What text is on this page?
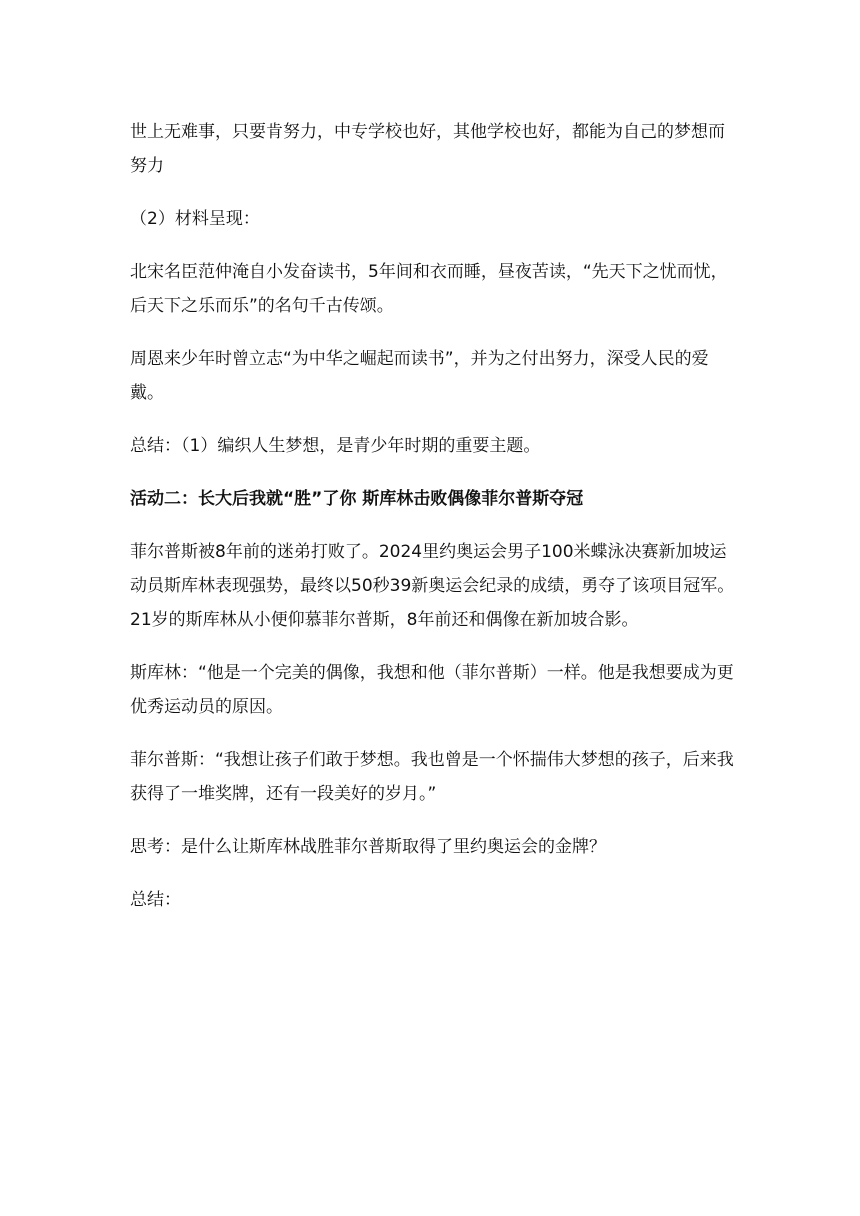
世上无难事，只要肯努力，中专学校也好，其他学校也好，都能为自己的梦想而努力

（2）材料呈现：

北宋名臣范仲淹自小发奋读书，5年间和衣而睡，昼夜苦读，“先天下之忧而忧，后天下之乐而乐”的名句千古传颂。

周恩来少年时曾立志“为中华之崛起而读书”，并为之付出努力，深受人民的爱戴。

总结：（1）编织人生梦想，是青少年时期的重要主题。

活动二：长大后我就“胜”了你 斯库林击败偶像菲尔普斯夺冠

菲尔普斯被8年前的迷弟打败了。2024里约奥运会男子100米蝶泳决赛新加坡运动员斯库林表现强势，最终以50秒39新奥运会纪录的成绩，勇夺了该项目冠军。21岁的斯库林从小便仰慕菲尔普斯，8年前还和偶像在新加坡合影。

斯库林：“他是一个完美的偶像，我想和他（菲尔普斯）一样。他是我想要成为更优秀运动员的原因。

菲尔普斯：“我想让孩子们敢于梦想。我也曾是一个怀揣伟大梦想的孩子，后来我获得了一堆奖牌，还有一段美好的岁月。”

思考：是什么让斯库林战胜菲尔普斯取得了里约奥运会的金牌？

总结：
